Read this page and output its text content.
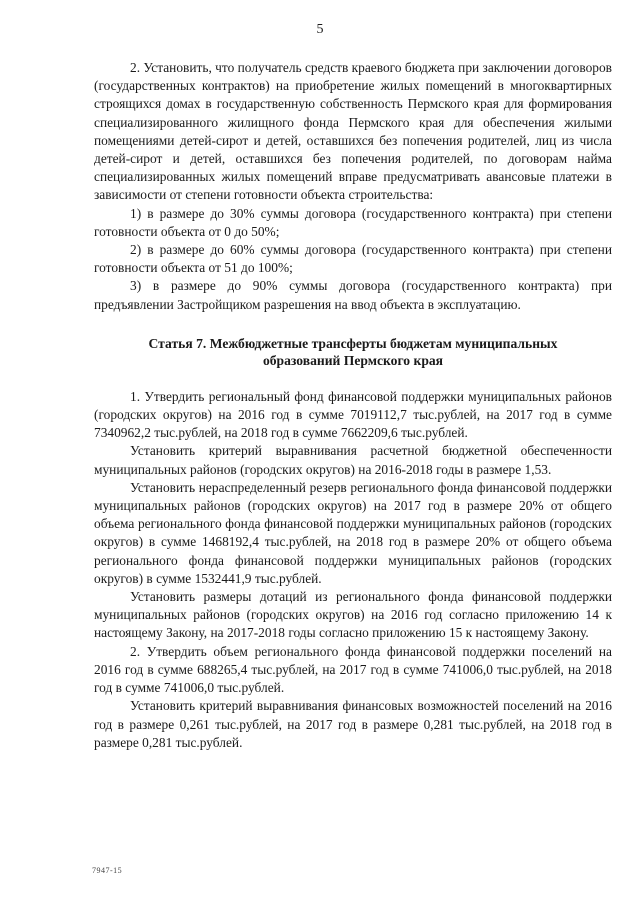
5

2. Установить, что получатель средств краевого бюджета при заключении договоров (государственных контрактов) на приобретение жилых помещений в многоквартирных строящихся домах в государственную собственность Пермского края для формирования специализированного жилищного фонда Пермского края для обеспечения жилыми помещениями детей-сирот и детей, оставшихся без попечения родителей, лиц из числа детей-сирот и детей, оставшихся без попечения родителей, по договорам найма специализированных жилых помещений вправе предусматривать авансовые платежи в зависимости от степени готовности объекта строительства:

1) в размере до 30% суммы договора (государственного контракта) при степени готовности объекта от 0 до 50%;

2) в размере до 60% суммы договора (государственного контракта) при степени готовности объекта от 51 до 100%;

3) в размере до 90% суммы договора (государственного контракта) при предъявлении Застройщиком разрешения на ввод объекта в эксплуатацию.

Статья 7. Межбюджетные трансферты бюджетам муниципальных
образований Пермского края

1. Утвердить региональный фонд финансовой поддержки муниципальных районов (городских округов) на 2016 год в сумме 7019112,7 тыс.рублей, на 2017 год в сумме 7340962,2 тыс.рублей, на 2018 год в сумме 7662209,6 тыс.рублей.

Установить критерий выравнивания расчетной бюджетной обеспеченности муниципальных районов (городских округов) на 2016-2018 годы в размере 1,53.

Установить нераспределенный резерв регионального фонда финансовой поддержки муниципальных районов (городских округов) на 2017 год в размере 20% от общего объема регионального фонда финансовой поддержки муниципальных районов (городских округов) в сумме 1468192,4 тыс.рублей, на 2018 год в размере 20% от общего объема регионального фонда финансовой поддержки муниципальных районов (городских округов) в сумме 1532441,9 тыс.рублей.

Установить размеры дотаций из регионального фонда финансовой поддержки муниципальных районов (городских округов) на 2016 год согласно приложению 14 к настоящему Закону, на 2017-2018 годы согласно приложению 15 к настоящему Закону.

2. Утвердить объем регионального фонда финансовой поддержки поселений на 2016 год в сумме 688265,4 тыс.рублей, на 2017 год в сумме 741006,0 тыс.рублей, на 2018 год в сумме 741006,0 тыс.рублей.

Установить критерий выравнивания финансовых возможностей поселений на 2016 год в размере 0,261 тыс.рублей, на 2017 год в размере 0,281 тыс.рублей, на 2018 год в размере 0,281 тыс.рублей.

7947-15
